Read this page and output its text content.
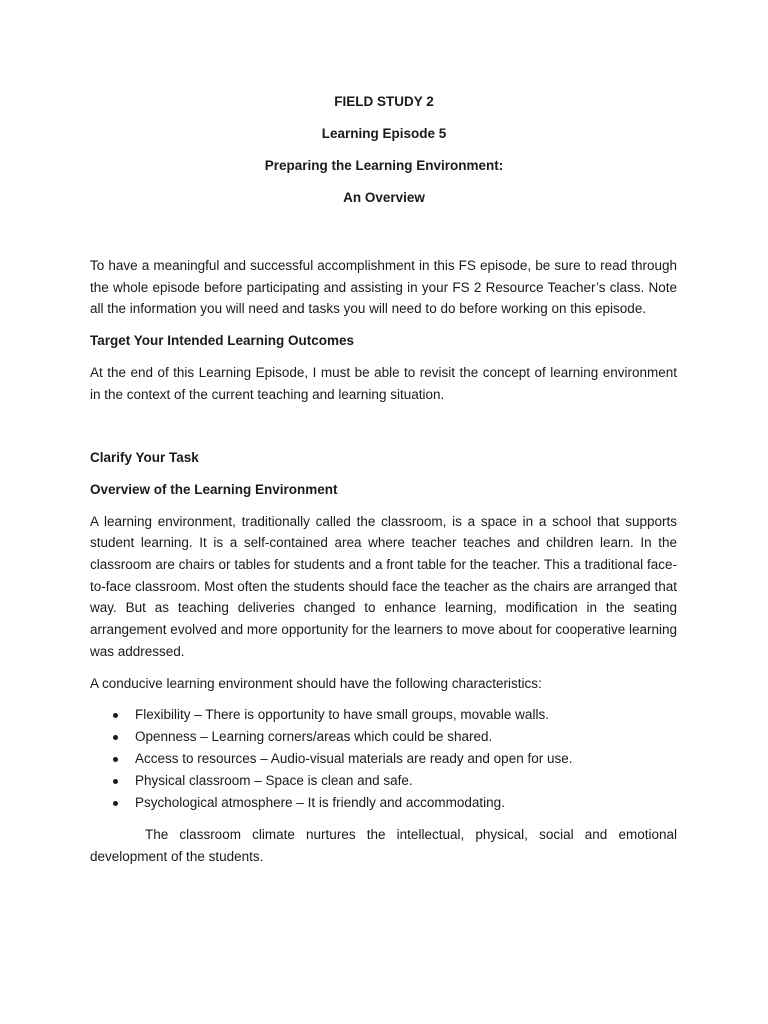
FIELD STUDY 2
Learning Episode 5
Preparing the Learning Environment:
An Overview

To have a meaningful and successful accomplishment in this FS episode, be sure to read through the whole episode before participating and assisting in your FS 2 Resource Teacher’s class. Note all the information you will need and tasks you will need to do before working on this episode.

Target Your Intended Learning Outcomes

At the end of this Learning Episode, I must be able to revisit the concept of learning environment in the context of the current teaching and learning situation.

Clarify Your Task
Overview of the Learning Environment

A learning environment, traditionally called the classroom, is a space in a school that supports student learning. It is a self-contained area where teacher teaches and children learn. In the classroom are chairs or tables for students and a front table for the teacher. This a traditional face-to-face classroom. Most often the students should face the teacher as the chairs are arranged that way. But as teaching deliveries changed to enhance learning, modification in the seating arrangement evolved and more opportunity for the learners to move about for cooperative learning was addressed.

A conducive learning environment should have the following characteristics:

Flexibility – There is opportunity to have small groups, movable walls.
Openness – Learning corners/areas which could be shared.
Access to resources – Audio-visual materials are ready and open for use.
Physical classroom – Space is clean and safe.
Psychological atmosphere – It is friendly and accommodating.

The classroom climate nurtures the intellectual, physical, social and emotional development of the students.
